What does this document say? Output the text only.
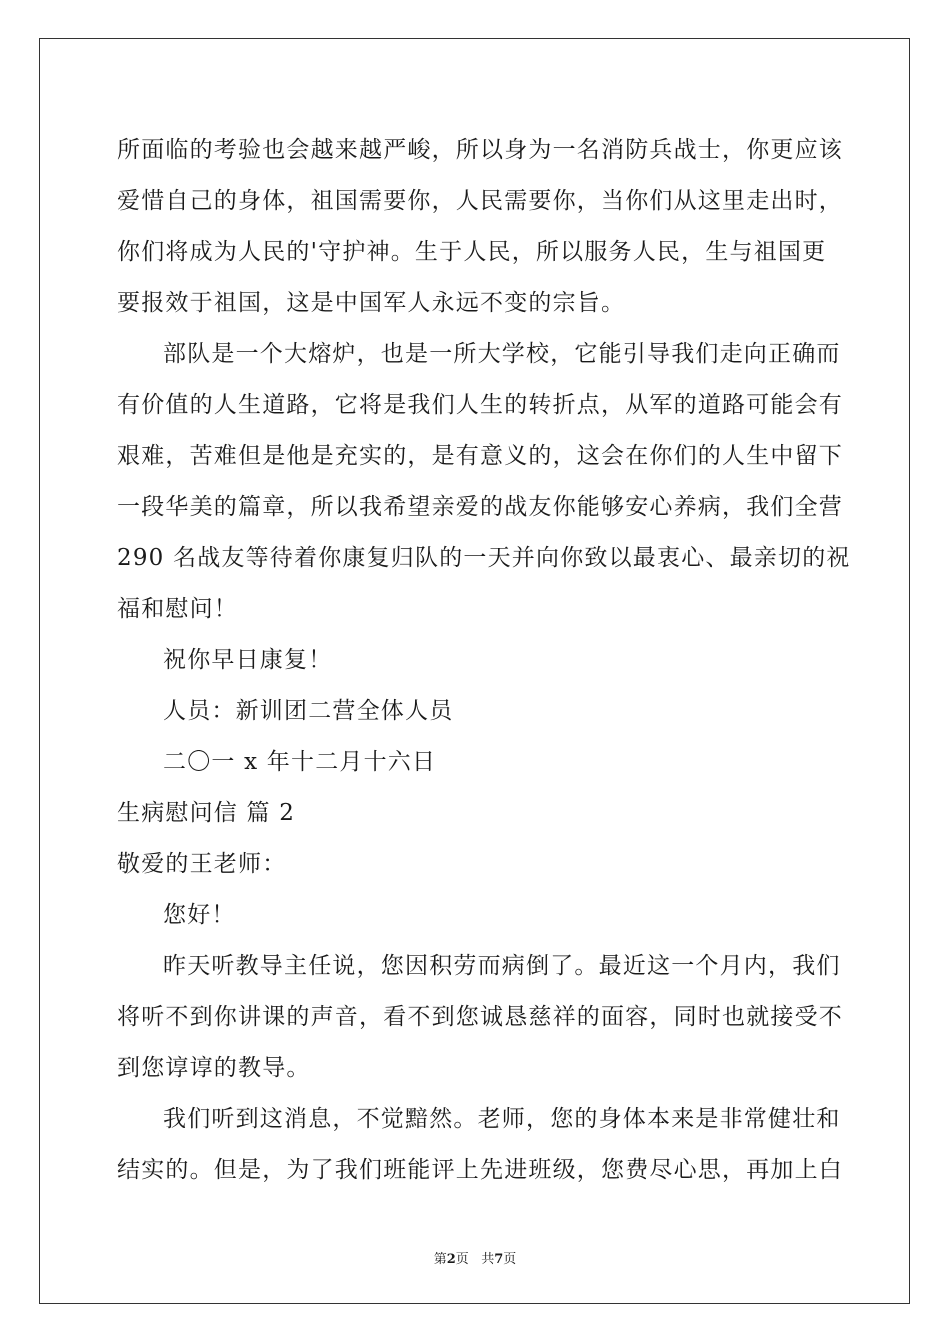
所面临的考验也会越来越严峻，所以身为一名消防兵战士，你更应该

爱惜自己的身体，祖国需要你，人民需要你，当你们从这里走出时，

你们将成为人民的'守护神。生于人民，所以服务人民，生与祖国更

要报效于祖国，这是中国军人永远不变的宗旨。

部队是一个大熔炉，也是一所大学校，它能引导我们走向正确而

有价值的人生道路，它将是我们人生的转折点，从军的道路可能会有

艰难，苦难但是他是充实的，是有意义的，这会在你们的人生中留下

一段华美的篇章，所以我希望亲爱的战友你能够安心养病，我们全营

290 名战友等待着你康复归队的一天并向你致以最衷心、最亲切的祝

福和慰问！

祝你早日康复！

人员：新训团二营全体人员

二〇一 x 年十二月十六日

生病慰问信 篇 2

敬爱的王老师：

您好！

昨天听教导主任说，您因积劳而病倒了。最近这一个月内，我们

将听不到你讲课的声音，看不到您诚恳慈祥的面容，同时也就接受不

到您谆谆的教导。

我们听到这消息，不觉黯然。老师，您的身体本来是非常健壮和

结实的。但是，为了我们班能评上先进班级，您费尽心思，再加上白

第2页 共7页
